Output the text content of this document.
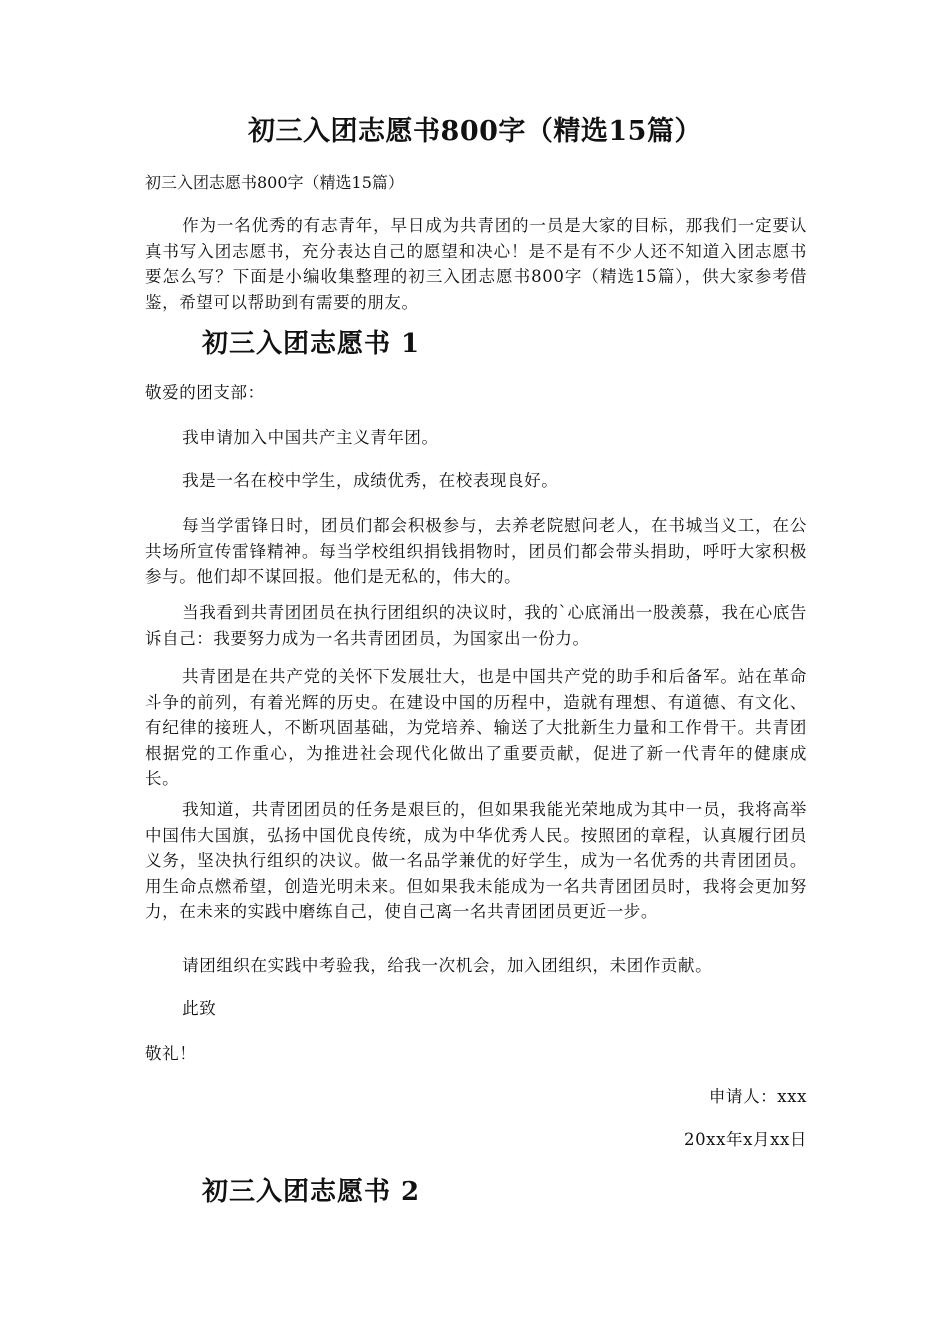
初三入团志愿书800字（精选15篇）

初三入团志愿书800字（精选15篇）

作为一名优秀的有志青年，早日成为共青团的一员是大家的目标，那我们一定要认真书写入团志愿书，充分表达自己的愿望和决心！是不是有不少人还不知道入团志愿书要怎么写？下面是小编收集整理的初三入团志愿书800字（精选15篇），供大家参考借鉴，希望可以帮助到有需要的朋友。

初三入团志愿书 1

敬爱的团支部：

我申请加入中国共产主义青年团。

我是一名在校中学生，成绩优秀，在校表现良好。

每当学雷锋日时，团员们都会积极参与，去养老院慰问老人，在书城当义工，在公共场所宣传雷锋精神。每当学校组织捐钱捐物时，团员们都会带头捐助，呼吁大家积极参与。他们却不谋回报。他们是无私的，伟大的。

当我看到共青团团员在执行团组织的决议时，我的`心底涌出一股羡慕，我在心底告诉自己：我要努力成为一名共青团团员，为国家出一份力。

共青团是在共产党的关怀下发展壮大，也是中国共产党的助手和后备军。站在革命斗争的前列，有着光辉的历史。在建设中国的历程中，造就有理想、有道德、有文化、有纪律的接班人，不断巩固基础，为党培养、输送了大批新生力量和工作骨干。共青团根据党的工作重心，为推进社会现代化做出了重要贡献，促进了新一代青年的健康成长。

我知道，共青团团员的任务是艰巨的，但如果我能光荣地成为其中一员，我将高举中国伟大国旗，弘扬中国优良传统，成为中华优秀人民。按照团的章程，认真履行团员义务，坚决执行组织的决议。做一名品学兼优的好学生，成为一名优秀的共青团团员。用生命点燃希望，创造光明未来。但如果我未能成为一名共青团团员时，我将会更加努力，在未来的实践中磨练自己，使自己离一名共青团团员更近一步。

请团组织在实践中考验我，给我一次机会，加入团组织，未团作贡献。

此致

敬礼！

申请人：xxx

20xx年x月xx日

初三入团志愿书 2
